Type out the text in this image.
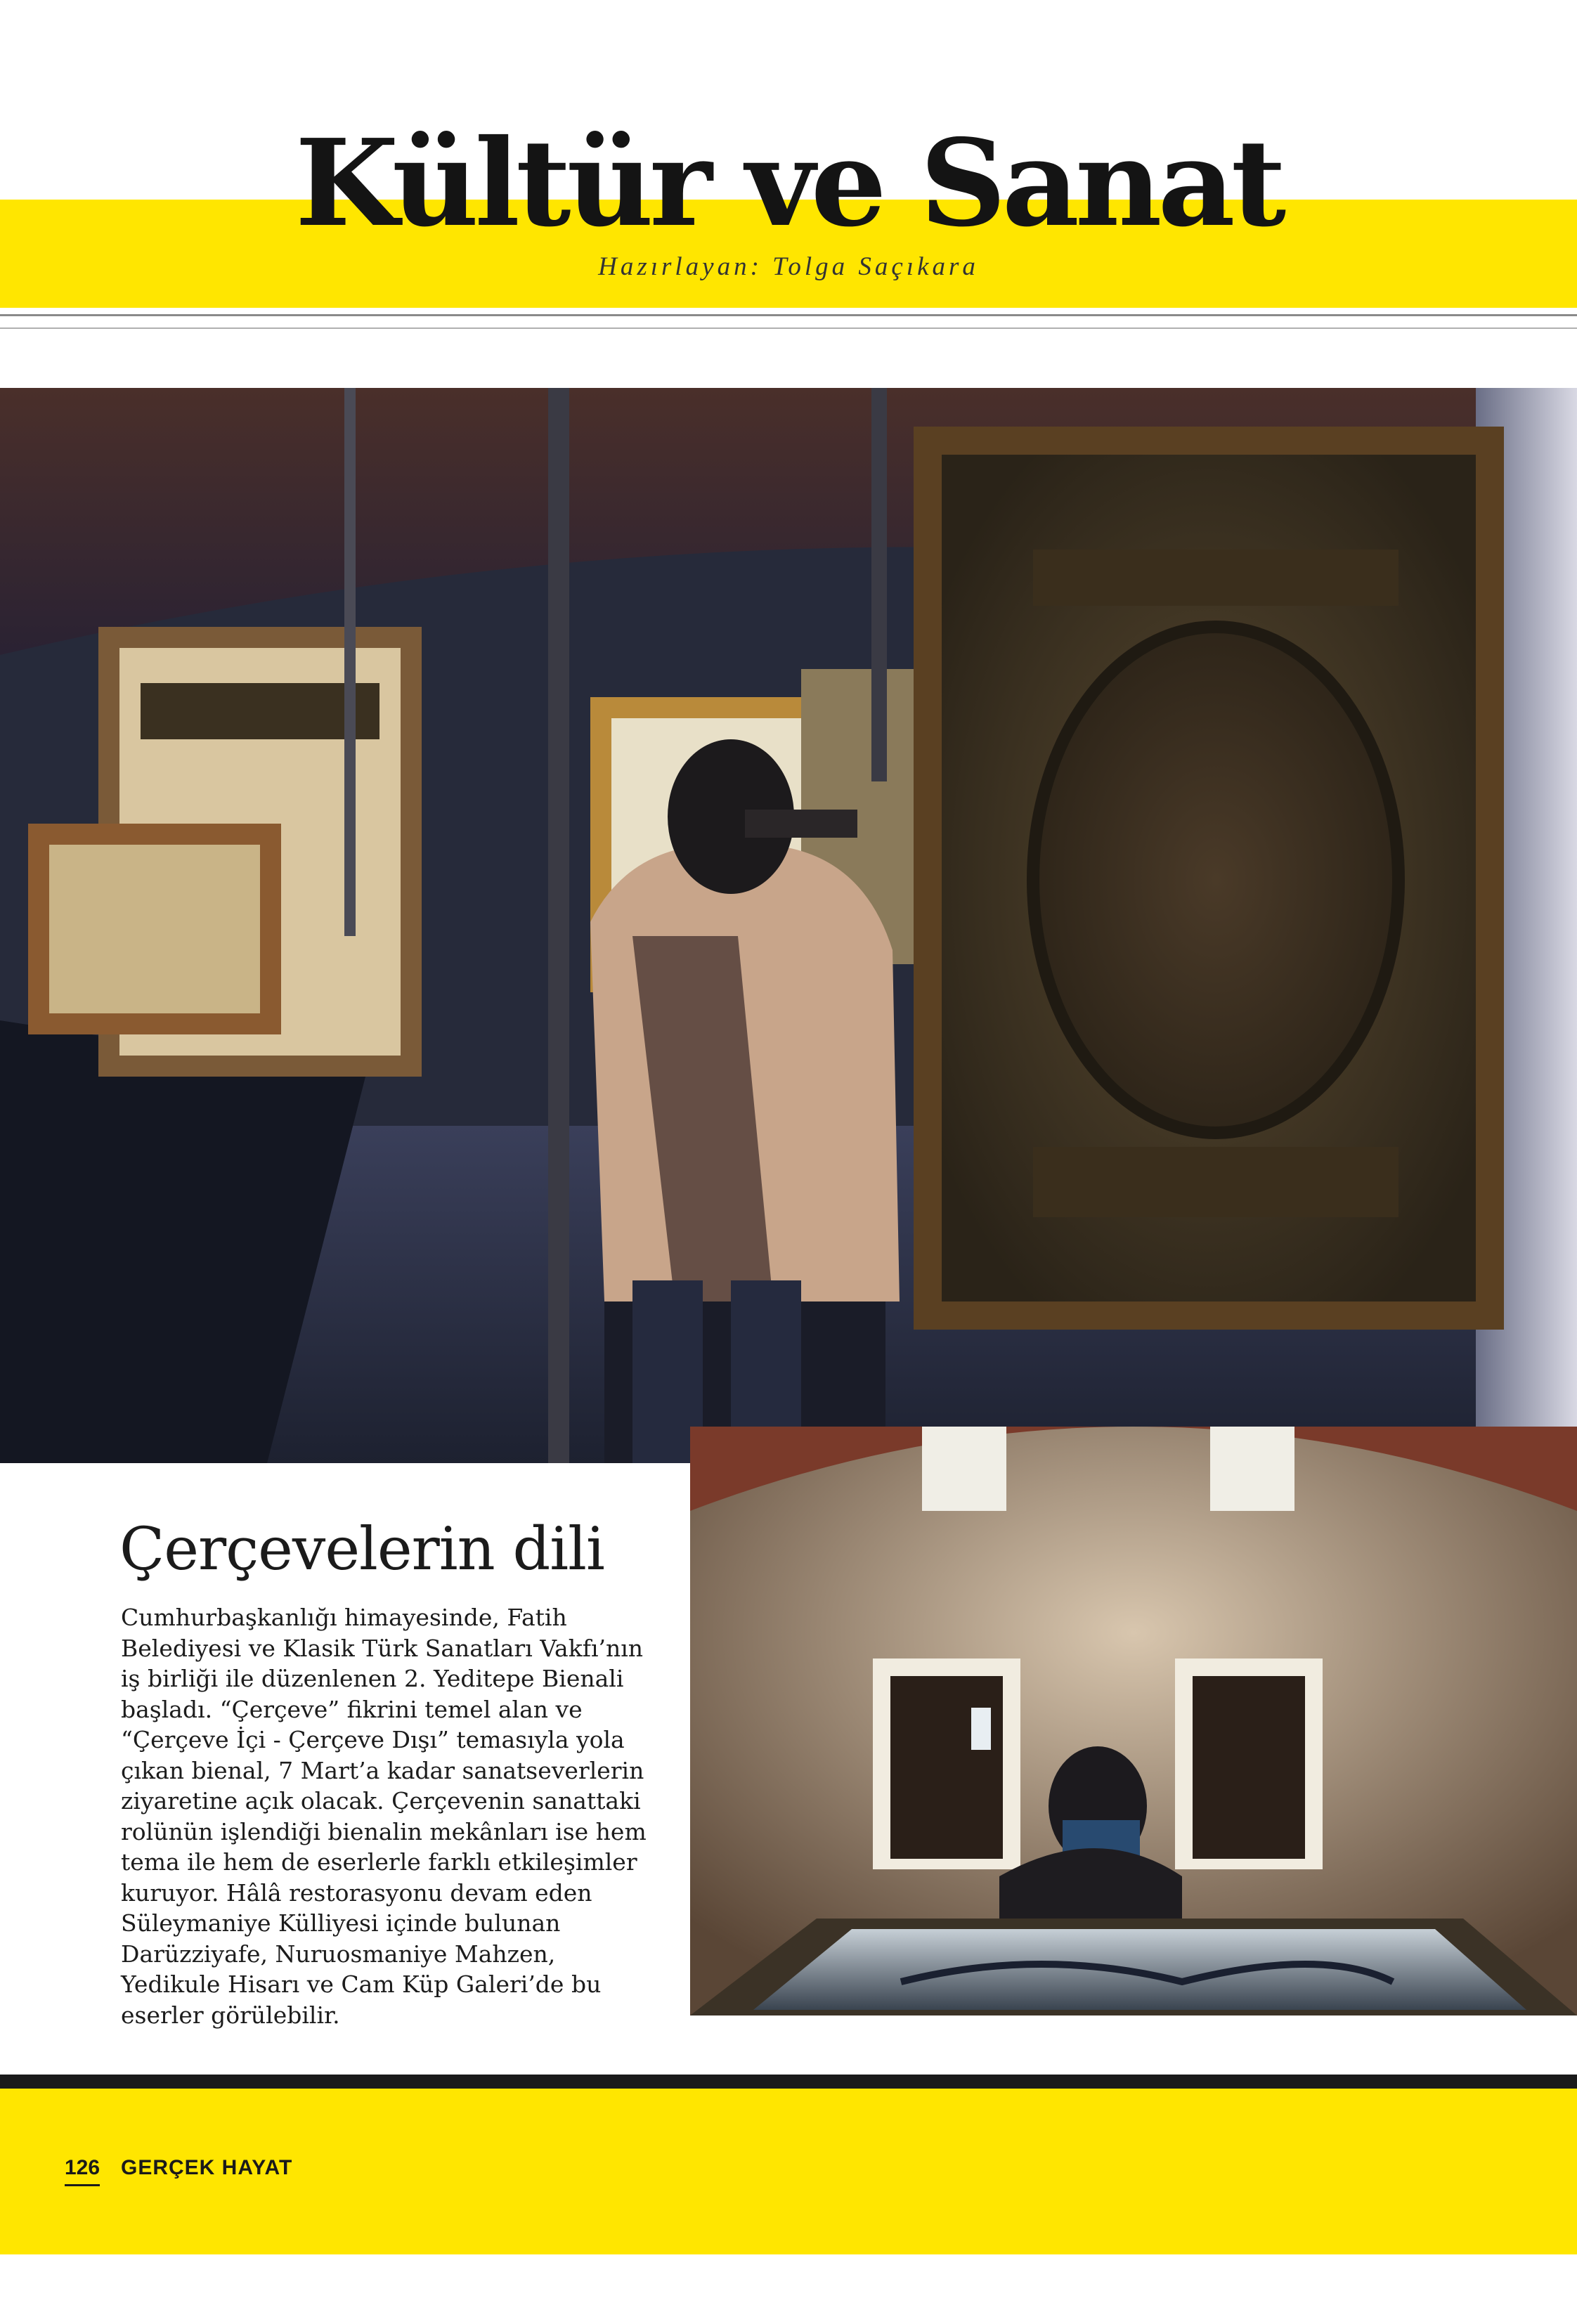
Kültür ve Sanat
Hazırlayan: Tolga Saçıkara
Çerçevelerin dili

Cumhurbaşkanlığı himayesinde, Fatih Belediyesi ve Klasik Türk Sanatları Vakfı’nın iş birliği ile düzenlenen 2. Yeditepe Bienali başladı. “Çerçeve” fikrini temel alan ve “Çerçeve İçi - Çerçeve Dışı” temasıyla yola çıkan bienal, 7 Mart’a kadar sanatseverlerin ziyaretine açık olacak. Çerçevenin sanattaki rolünün işlendiği bienalin mekânları ise hem tema ile hem de eserlerle farklı etkileşimler kuruyor. Hâlâ restorasyonu devam eden Süleymaniye Külliyesi içinde bulunan Darüzziyafe, Nuruosmaniye Mahzen, Yedikule Hisarı ve Cam Küp Galeri’de bu eserler görülebilir.

126 GERÇEK HAYAT
